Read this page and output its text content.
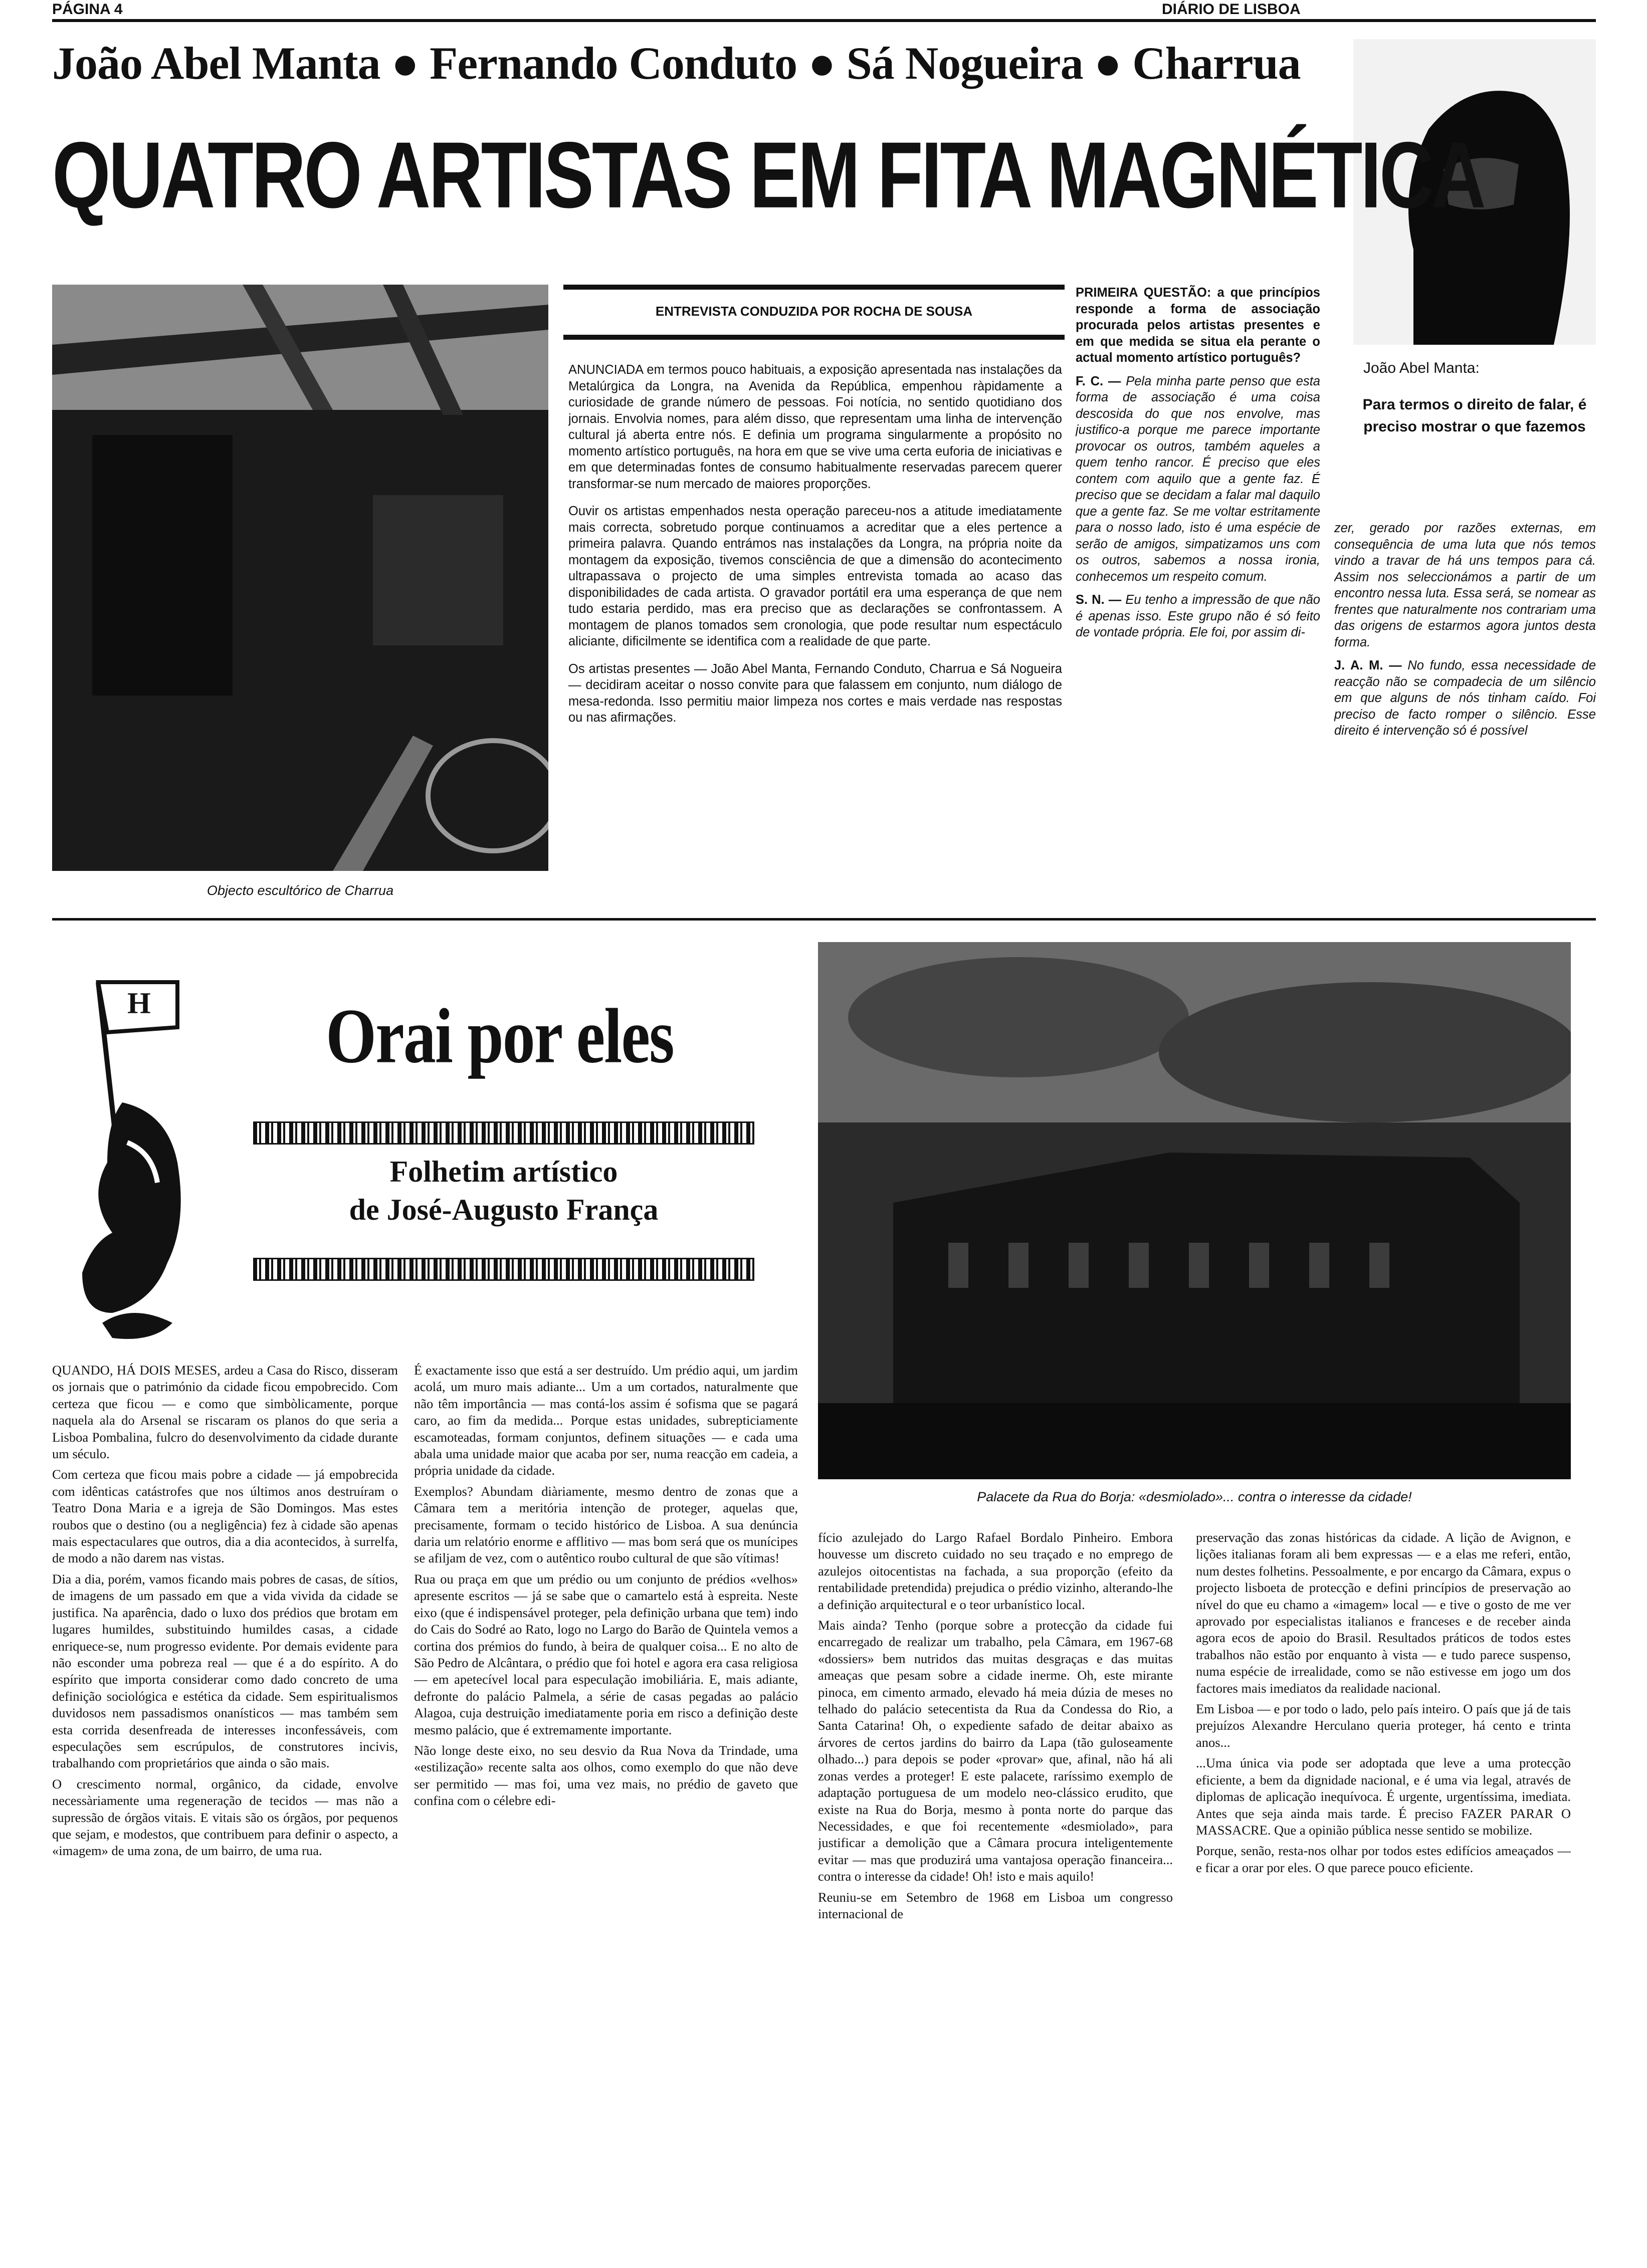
PÁGINA 4	DIÁRIO DE LISBOA
João Abel Manta ● Fernando Conduto ● Sá Nogueira ● Charrua
QUATRO ARTISTAS EM FITA MAGNÉTICA
Objecto escultórico de Charrua
ENTREVISTA CONDUZIDA POR ROCHA DE SOUSA

ANUNCIADA em termos pouco habituais, a exposição apresentada nas instalações da Metalúrgica da Longra, na Avenida da República, empenhou ràpidamente a curiosidade de grande número de pessoas. Foi notícia, no sentido quotidiano dos jornais. Envolvia nomes, para além disso, que representam uma linha de intervenção cultural já aberta entre nós. E definia um programa singularmente a propósito no momento artístico português, na hora em que se vive uma certa euforia de iniciativas e em que determinadas fontes de consumo habitualmente reservadas parecem querer transformar-se num mercado de maiores proporções.

Ouvir os artistas empenhados nesta operação pareceu-nos a atitude imediatamente mais correcta, sobretudo porque continuamos a acreditar que a eles pertence a primeira palavra. Quando entrámos nas instalações da Longra, na própria noite da montagem da exposição, tivemos consciência de que a dimensão do acontecimento ultrapassava o projecto de uma simples entrevista tomada ao acaso das disponibilidades de cada artista. O gravador portátil era uma esperança de que nem tudo estaria perdido, mas era preciso que as declarações se confrontassem. A montagem de planos tomados sem cronologia, que pode resultar num espectáculo aliciante, dificilmente se identifica com a realidade de que parte.

Os artistas presentes — João Abel Manta, Fernando Conduto, Charrua e Sá Nogueira — decidiram aceitar o nosso convite para que falassem em conjunto, num diálogo de mesa-redonda. Isso permitiu maior limpeza nos cortes e mais verdade nas respostas ou nas afirmações.

PRIMEIRA QUESTÃO: a que princípios responde a forma de associação procurada pelos artistas presentes e em que medida se situa ela perante o actual momento artístico português?
F. C. — Pela minha parte penso que esta forma de associação é uma coisa descosida do que nos envolve, mas justifico-a porque me parece importante provocar os outros, também aqueles a quem tenho rancor. É preciso que eles contem com aquilo que a gente faz. É preciso que se decidam a falar mal daquilo que a gente faz. Se me voltar estritamente para o nosso lado, isto é uma espécie de serão de amigos, simpatizamos uns com os outros, sabemos a nossa ironia, conhecemos um respeito comum.
S. N. — Eu tenho a impressão de que não é apenas isso. Este grupo não é só feito de vontade própria. Ele foi, por assim di-
João Abel Manta:
Para termos o direito de falar, é preciso mostrar o que fazemos
zer, gerado por razões externas, em consequência de uma luta que nós temos vindo a travar de há uns tempos para cá. Assim nos seleccionámos a partir de um encontro nessa luta. Essa será, se nomear as frentes que naturalmente nos contrariam uma das origens de estarmos agora juntos desta forma.
J. A. M. — No fundo, essa necessidade de reacção não se compadecia de um silêncio em que alguns de nós tinham caído. Foi preciso de facto romper o silêncio. Esse direito é intervenção só é possível
H	Orai por eles
Folhetim artístico
de José-Augusto França
Palacete da Rua do Borja: «desmiolado»... contra o interesse da cidade!

QUANDO, HÁ DOIS MESES, ardeu a Casa do Risco, disseram os jornais que o património da cidade ficou empobrecido. Com certeza que ficou — e como que simbòlicamente, porque naquela ala do Arsenal se riscaram os planos do que seria a Lisboa Pombalina, fulcro do desenvolvimento da cidade durante um século.

Com certeza que ficou mais pobre a cidade — já empobrecida com idênticas catástrofes que nos últimos anos destruíram o Teatro Dona Maria e a igreja de São Domingos. Mas estes roubos que o destino (ou a negligência) fez à cidade são apenas mais espectaculares que outros, dia a dia acontecidos, à surrelfa, de modo a não darem nas vistas.

Dia a dia, porém, vamos ficando mais pobres de casas, de sítios, de imagens de um passado em que a vida vivida da cidade se justifica. Na aparência, dado o luxo dos prédios que brotam em lugares humildes, substituindo humildes casas, a cidade enriquece-se, num progresso evidente. Por demais evidente para não esconder uma pobreza real — que é a do espírito. A do espírito que importa considerar como dado concreto de uma definição sociológica e estética da cidade. Sem espiritualismos duvidosos nem passadismos onanísticos — mas também sem esta corrida desenfreada de interesses inconfessáveis, com especulações sem escrúpulos, de construtores incivis, trabalhando com proprietários que ainda o são mais.

O crescimento normal, orgânico, da cidade, envolve necessàriamente uma regeneração de tecidos — mas não a supressão de órgãos vitais. E vitais são os órgãos, por pequenos que sejam, e modestos, que contribuem para definir o aspecto, a «imagem» de uma zona, de um bairro, de uma rua.

É exactamente isso que está a ser destruído. Um prédio aqui, um jardim acolá, um muro mais adiante... Um a um cortados, naturalmente que não têm importância — mas contá-los assim é sofisma que se pagará caro, ao fim da medida... Porque estas unidades, subrepticiamente escamoteadas, formam conjuntos, definem situações — e cada uma abala uma unidade maior que acaba por ser, numa reacção em cadeia, a própria unidade da cidade.

Exemplos? Abundam diàriamente, mesmo dentro de zonas que a Câmara tem a meritória intenção de proteger, aquelas que, precisamente, formam o tecido histórico de Lisboa. A sua denúncia daria um relatório enorme e afflitivo — mas bom será que os munícipes se afiljam de vez, com o autêntico roubo cultural de que são vítimas!

Rua ou praça em que um prédio ou um conjunto de prédios «velhos» apresente escritos — já se sabe que o camartelo está à espreita. Neste eixo (que é indispensável proteger, pela definição urbana que tem) indo do Cais do Sodré ao Rato, logo no Largo do Barão de Quintela vemos a cortina dos prémios do fundo, à beira de qualquer coisa... E no alto de São Pedro de Alcântara, o prédio que foi hotel e agora era casa religiosa — em apetecível local para especulação imobiliária. E, mais adiante, defronte do palácio Palmela, a série de casas pegadas ao palácio Alagoa, cuja destruição imediatamente poria em risco a definição deste mesmo palácio, que é extremamente importante.

Não longe deste eixo, no seu desvio da Rua Nova da Trindade, uma «estilização» recente salta aos olhos, como exemplo do que não deve ser permitido — mas foi, uma vez mais, no prédio de gaveto que confina com o célebre edi-

fício azulejado do Largo Rafael Bordalo Pinheiro. Embora houvesse um discreto cuidado no seu traçado e no emprego de azulejos oitocentistas na fachada, a sua proporção (efeito da rentabilidade pretendida) prejudica o prédio vizinho, alterando-lhe a definição arquitectural e o teor urbanístico local.

Mais ainda? Tenho (porque sobre a protecção da cidade fui encarregado de realizar um trabalho, pela Câmara, em 1967-68 «dossiers» bem nutridos das muitas desgraças e das muitas ameaças que pesam sobre a cidade inerme. Oh, este mirante pinoca, em cimento armado, elevado há meia dúzia de meses no telhado do palácio setecentista da Rua da Condessa do Rio, a Santa Catarina! Oh, o expediente safado de deitar abaixo as árvores de certos jardins do bairro da Lapa (tão guloseamente olhado...) para depois se poder «provar» que, afinal, não há ali zonas verdes a proteger! E este palacete, raríssimo exemplo de adaptação portuguesa de um modelo neo-clássico erudito, que existe na Rua do Borja, mesmo à ponta norte do parque das Necessidades, e que foi recentemente «desmiolado», para justificar a demolição que a Câmara procura inteligentemente evitar — mas que produzirá uma vantajosa operação financeira... contra o interesse da cidade! Oh! isto e mais aquilo!

Reuniu-se em Setembro de 1968 em Lisboa um congresso internacional de

preservação das zonas históricas da cidade. A lição de Avignon, e lições italianas foram ali bem expressas — e a elas me referi, então, num destes folhetins. Pessoalmente, e por encargo da Câmara, expus o projecto lisboeta de protecção e defini princípios de preservação ao nível do que eu chamo a «imagem» local — e tive o gosto de me ver aprovado por especialistas italianos e franceses e de receber ainda agora ecos de apoio do Brasil. Resultados práticos de todos estes trabalhos não estão por enquanto à vista — e tudo parece suspenso, numa espécie de irrealidade, como se não estivesse em jogo um dos factores mais imediatos da realidade nacional.

Em Lisboa — e por todo o lado, pelo país inteiro. O país que já de tais prejuízos Alexandre Herculano queria proteger, há cento e trinta anos...

...Uma única via pode ser adoptada que leve a uma protecção eficiente, a bem da dignidade nacional, e é uma via legal, através de diplomas de aplicação inequívoca. É urgente, urgentíssima, imediata. Antes que seja ainda mais tarde. É preciso FAZER PARAR O MASSACRE. Que a opinião pública nesse sentido se mobilize.

Porque, senão, resta-nos olhar por todos estes edifícios ameaçados — e ficar a orar por eles. O que parece pouco eficiente.
